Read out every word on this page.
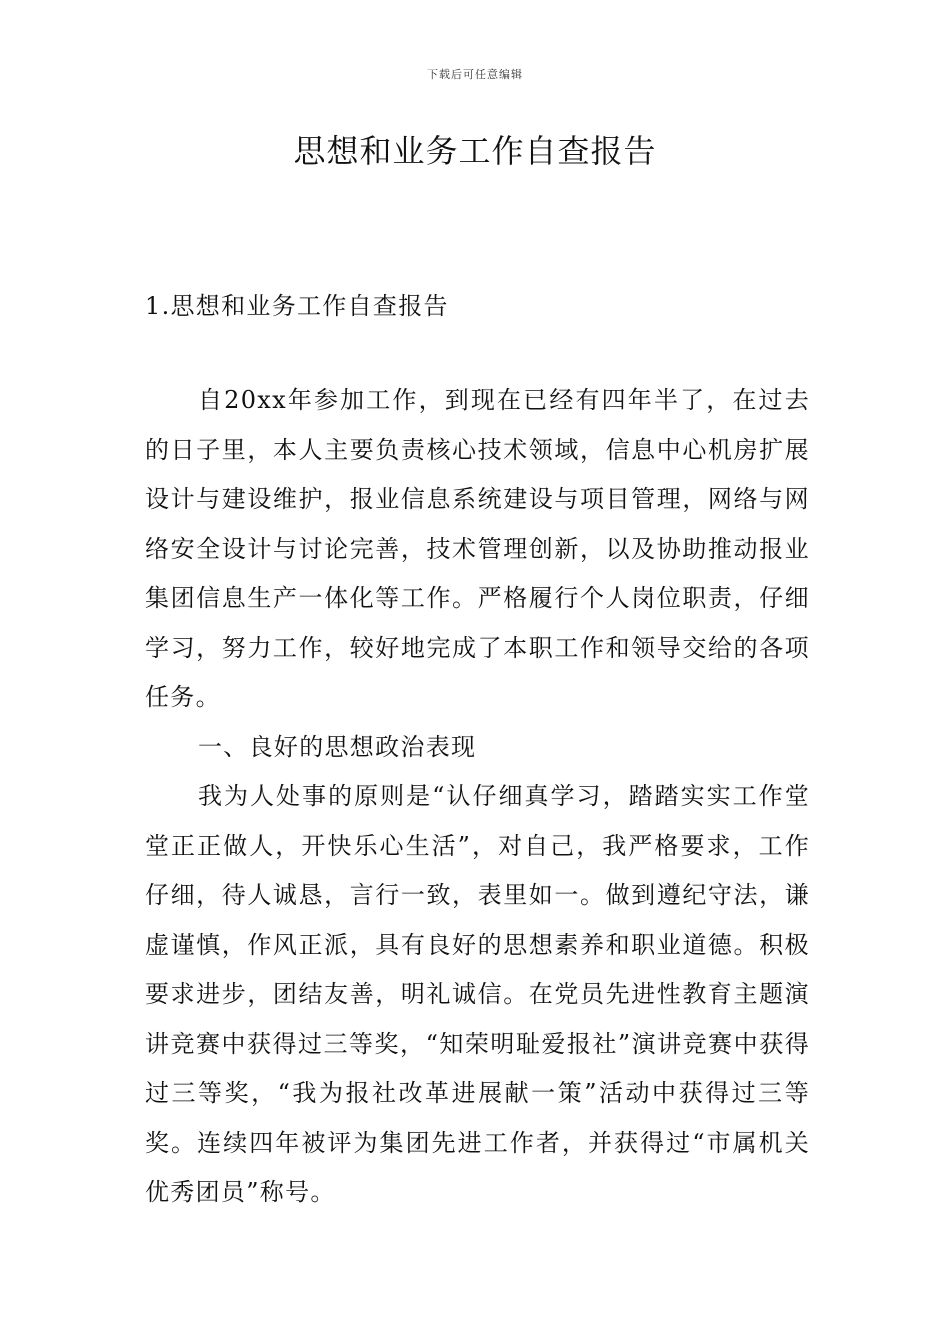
下载后可任意编辑
思想和业务工作自查报告
1.思想和业务工作自查报告

自20xx年参加工作，到现在已经有四年半了，在过去的日子里，本人主要负责核心技术领域，信息中心机房扩展设计与建设维护，报业信息系统建设与项目管理，网络与网络安全设计与讨论完善，技术管理创新，以及协助推动报业集团信息生产一体化等工作。严格履行个人岗位职责，仔细学习，努力工作，较好地完成了本职工作和领导交给的各项任务。

一、良好的思想政治表现

我为人处事的原则是“认仔细真学习，踏踏实实工作堂堂正正做人，开快乐心生活”，对自己，我严格要求，工作仔细，待人诚恳，言行一致，表里如一。做到遵纪守法，谦虚谨慎，作风正派，具有良好的思想素养和职业道德。积极要求进步，团结友善，明礼诚信。在党员先进性教育主题演讲竞赛中获得过三等奖，“知荣明耻爱报社”演讲竞赛中获得过三等奖，“我为报社改革进展献一策”活动中获得过三等奖。连续四年被评为集团先进工作者，并获得过“市属机关优秀团员”称号。
